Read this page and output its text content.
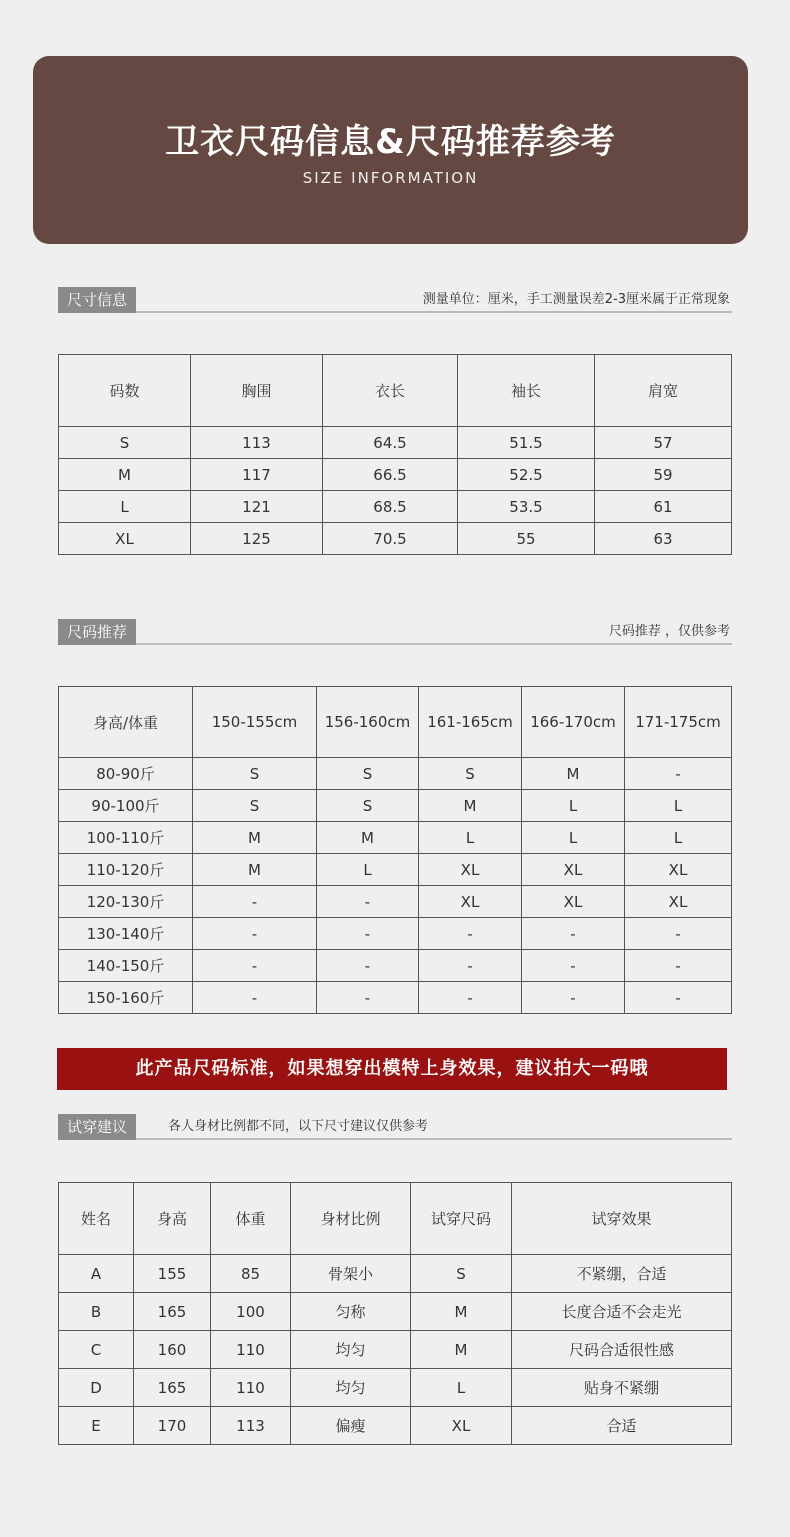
卫衣尺码信息&尺码推荐参考
SIZE INFORMATION
尺寸信息	测量单位：厘米，手工测量误差2-3厘米属于正常现象
码数	胸围	衣长	袖长	肩宽
S	113	64.5	51.5	57
M	117	66.5	52.5	59
L	121	68.5	53.5	61
XL	125	70.5	55	63
尺码推荐	尺码推荐 ，仅供参考
身高/体重	150-155cm	156-160cm	161-165cm	166-170cm	171-175cm
80-90斤	S	S	S	M	-
90-100斤	S	S	M	L	L
100-110斤	M	M	L	L	L
110-120斤	M	L	XL	XL	XL
120-130斤	-	-	XL	XL	XL
130-140斤	-	-	-	-	-
140-150斤	-	-	-	-	-
150-160斤	-	-	-	-	-
此产品尺码标准，如果想穿出模特上身效果，建议拍大一码哦
试穿建议	各人身材比例都不同，以下尺寸建议仅供参考
姓名	身高	体重	身材比例	试穿尺码	试穿效果
A	155	85	骨架小	S	不紧绷，合适
B	165	100	匀称	M	长度合适不会走光
C	160	110	均匀	M	尺码合适很性感
D	165	110	均匀	L	贴身不紧绷
E	170	113	偏瘦	XL	合适
